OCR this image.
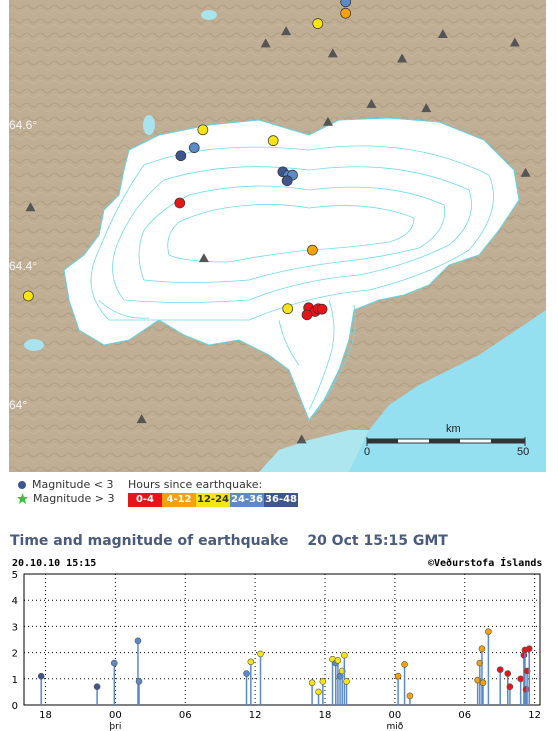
km
0	50
64.6°
64.4°
64°
Magnitude < 3
Magnitude > 3
Hours since earthquake:
0-4	4-12 12-24 24-36 36-48
Time and magnitude of earthquake 20 Oct 15:15 GMT
20.10.10 15:15	©Veðurstofa Íslands
0
1
2
3
4
5
18	00
þri
06	12	18	00
mið
06	12
